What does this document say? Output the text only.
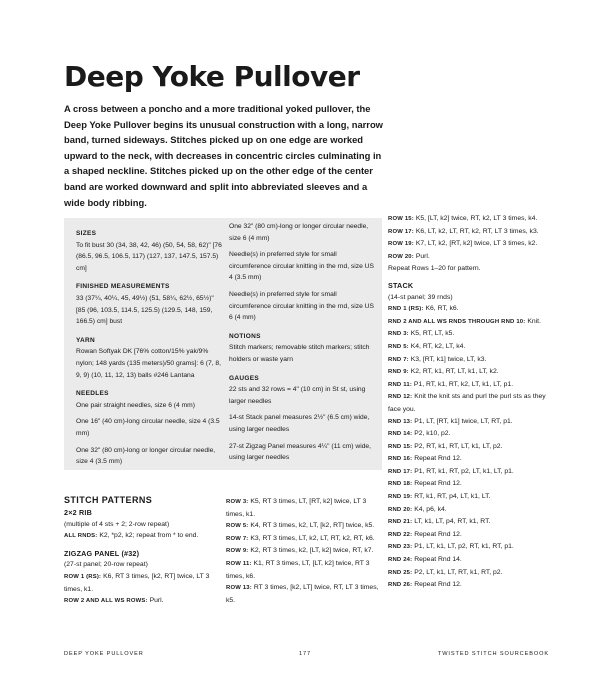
Deep Yoke Pullover

A cross between a poncho and a more traditional yoked pullover, the Deep Yoke Pullover begins its unusual construction with a long, narrow band, turned sideways. Stitches picked up on one edge are worked upward to the neck, with decreases in concentric circles culminating in a shaped neckline. Stitches picked up on the other edge of the center band are worked downward and split into abbreviated sleeves and a wide body ribbing.

SIZES

To fit bust 30 (34, 38, 42, 46) (50, 54, 58, 62)" [76 (86.5, 96.5, 106.5, 117) (127, 137, 147.5, 157.5) cm]

FINISHED MEASUREMENTS

33 (37¼, 40¼, 45, 49½) (51, 58¼, 62½, 65½)" [85 (96, 103.5, 114.5, 125.5) (129.5, 148, 159, 166.5) cm] bust

YARN

Rowan Softyak DK [76% cotton/15% yak/9% nylon; 148 yards (135 meters)/50 grams]: 6 (7, 8, 9, 9) (10, 11, 12, 13) balls #246 Lantana

NEEDLES

One pair straight needles, size 6 (4 mm)

One 16" (40 cm)-long circular needle, size 4 (3.5 mm)

One 32" (80 cm)-long or longer circular needle, size 4 (3.5 mm)

One 32" (80 cm)-long or longer circular needle, size 6 (4 mm)

Needle(s) in preferred style for small circumference circular knitting in the rnd, size US 4 (3.5 mm)

Needle(s) in preferred style for small circumference circular knitting in the rnd, size US 6 (4 mm)

NOTIONS

Stitch markers; removable stitch markers; stitch holders or waste yarn

GAUGES

22 sts and 32 rows = 4" (10 cm) in St st, using larger needles

14-st Stack panel measures 2½" (6.5 cm) wide, using larger needles

27-st Zigzag Panel measures 4¼" (11 cm) wide, using larger needles

ROW 15: K5, [LT, k2] twice, RT, k2, LT 3 times, k4.

ROW 17: K6, LT, k2, LT, RT, k2, RT, LT 3 times, k3.

ROW 19: K7, LT, k2, [RT, k2] twice, LT 3 times, k2.

ROW 20: Purl.

Repeat Rows 1–20 for pattern.

STACK

(14-st panel; 39 rnds)

RND 1 (RS): K6, RT, k6.

RND 2 AND ALL WS RNDS THROUGH RND 10: Knit.

RND 3: K5, RT, LT, k5.

RND 5: K4, RT, k2, LT, k4.

RND 7: K3, [RT, k1] twice, LT, k3.

RND 9: K2, RT, k1, RT, LT, k1, LT, k2.

RND 11: P1, RT, k1, RT, k2, LT, k1, LT, p1.

RND 12: Knit the knit sts and purl the purl sts as they face you.

RND 13: P1, LT, [RT, k1] twice, LT, RT, p1.

RND 14: P2, k10, p2.

RND 15: P2, RT, k1, RT, LT, k1, LT, p2.

RND 16: Repeat Rnd 12.

RND 17: P1, RT, k1, RT, p2, LT, k1, LT, p1.

RND 18: Repeat Rnd 12.

RND 19: RT, k1, RT, p4, LT, k1, LT.

RND 20: K4, p6, k4.

RND 21: LT, k1, LT, p4, RT, k1, RT.

RND 22: Repeat Rnd 12.

RND 23: P1, LT, k1, LT, p2, RT, k1, RT, p1.

RND 24: Repeat Rnd 14.

RND 25: P2, LT, k1, LT, RT, k1, RT, p2.

RND 26: Repeat Rnd 12.

STITCH PATTERNS

2×2 RIB

(multiple of 4 sts + 2; 2-row repeat)

ALL RNDS: K2, *p2, k2; repeat from * to end.

ZIGZAG PANEL (#32)

(27-st panel; 20-row repeat)

ROW 1 (RS): K6, RT 3 times, [k2, RT] twice, LT 3 times, k1.

ROW 2 AND ALL WS ROWS: Purl.

ROW 3: K5, RT 3 times, LT, [RT, k2] twice, LT 3 times, k1.

ROW 5: K4, RT 3 times, k2, LT, [k2, RT] twice, k5.

ROW 7: K3, RT 3 times, LT, k2, LT, RT, k2, RT, k6.

ROW 9: K2, RT 3 times, k2, [LT, k2] twice, RT, k7.

ROW 11: K1, RT 3 times, LT, [LT, k2] twice, RT 3 times, k6.

ROW 13: RT 3 times, [k2, LT] twice, RT, LT 3 times, k5.

DEEP YOKE PULLOVER	177	TWISTED STITCH SOURCEBOOK
